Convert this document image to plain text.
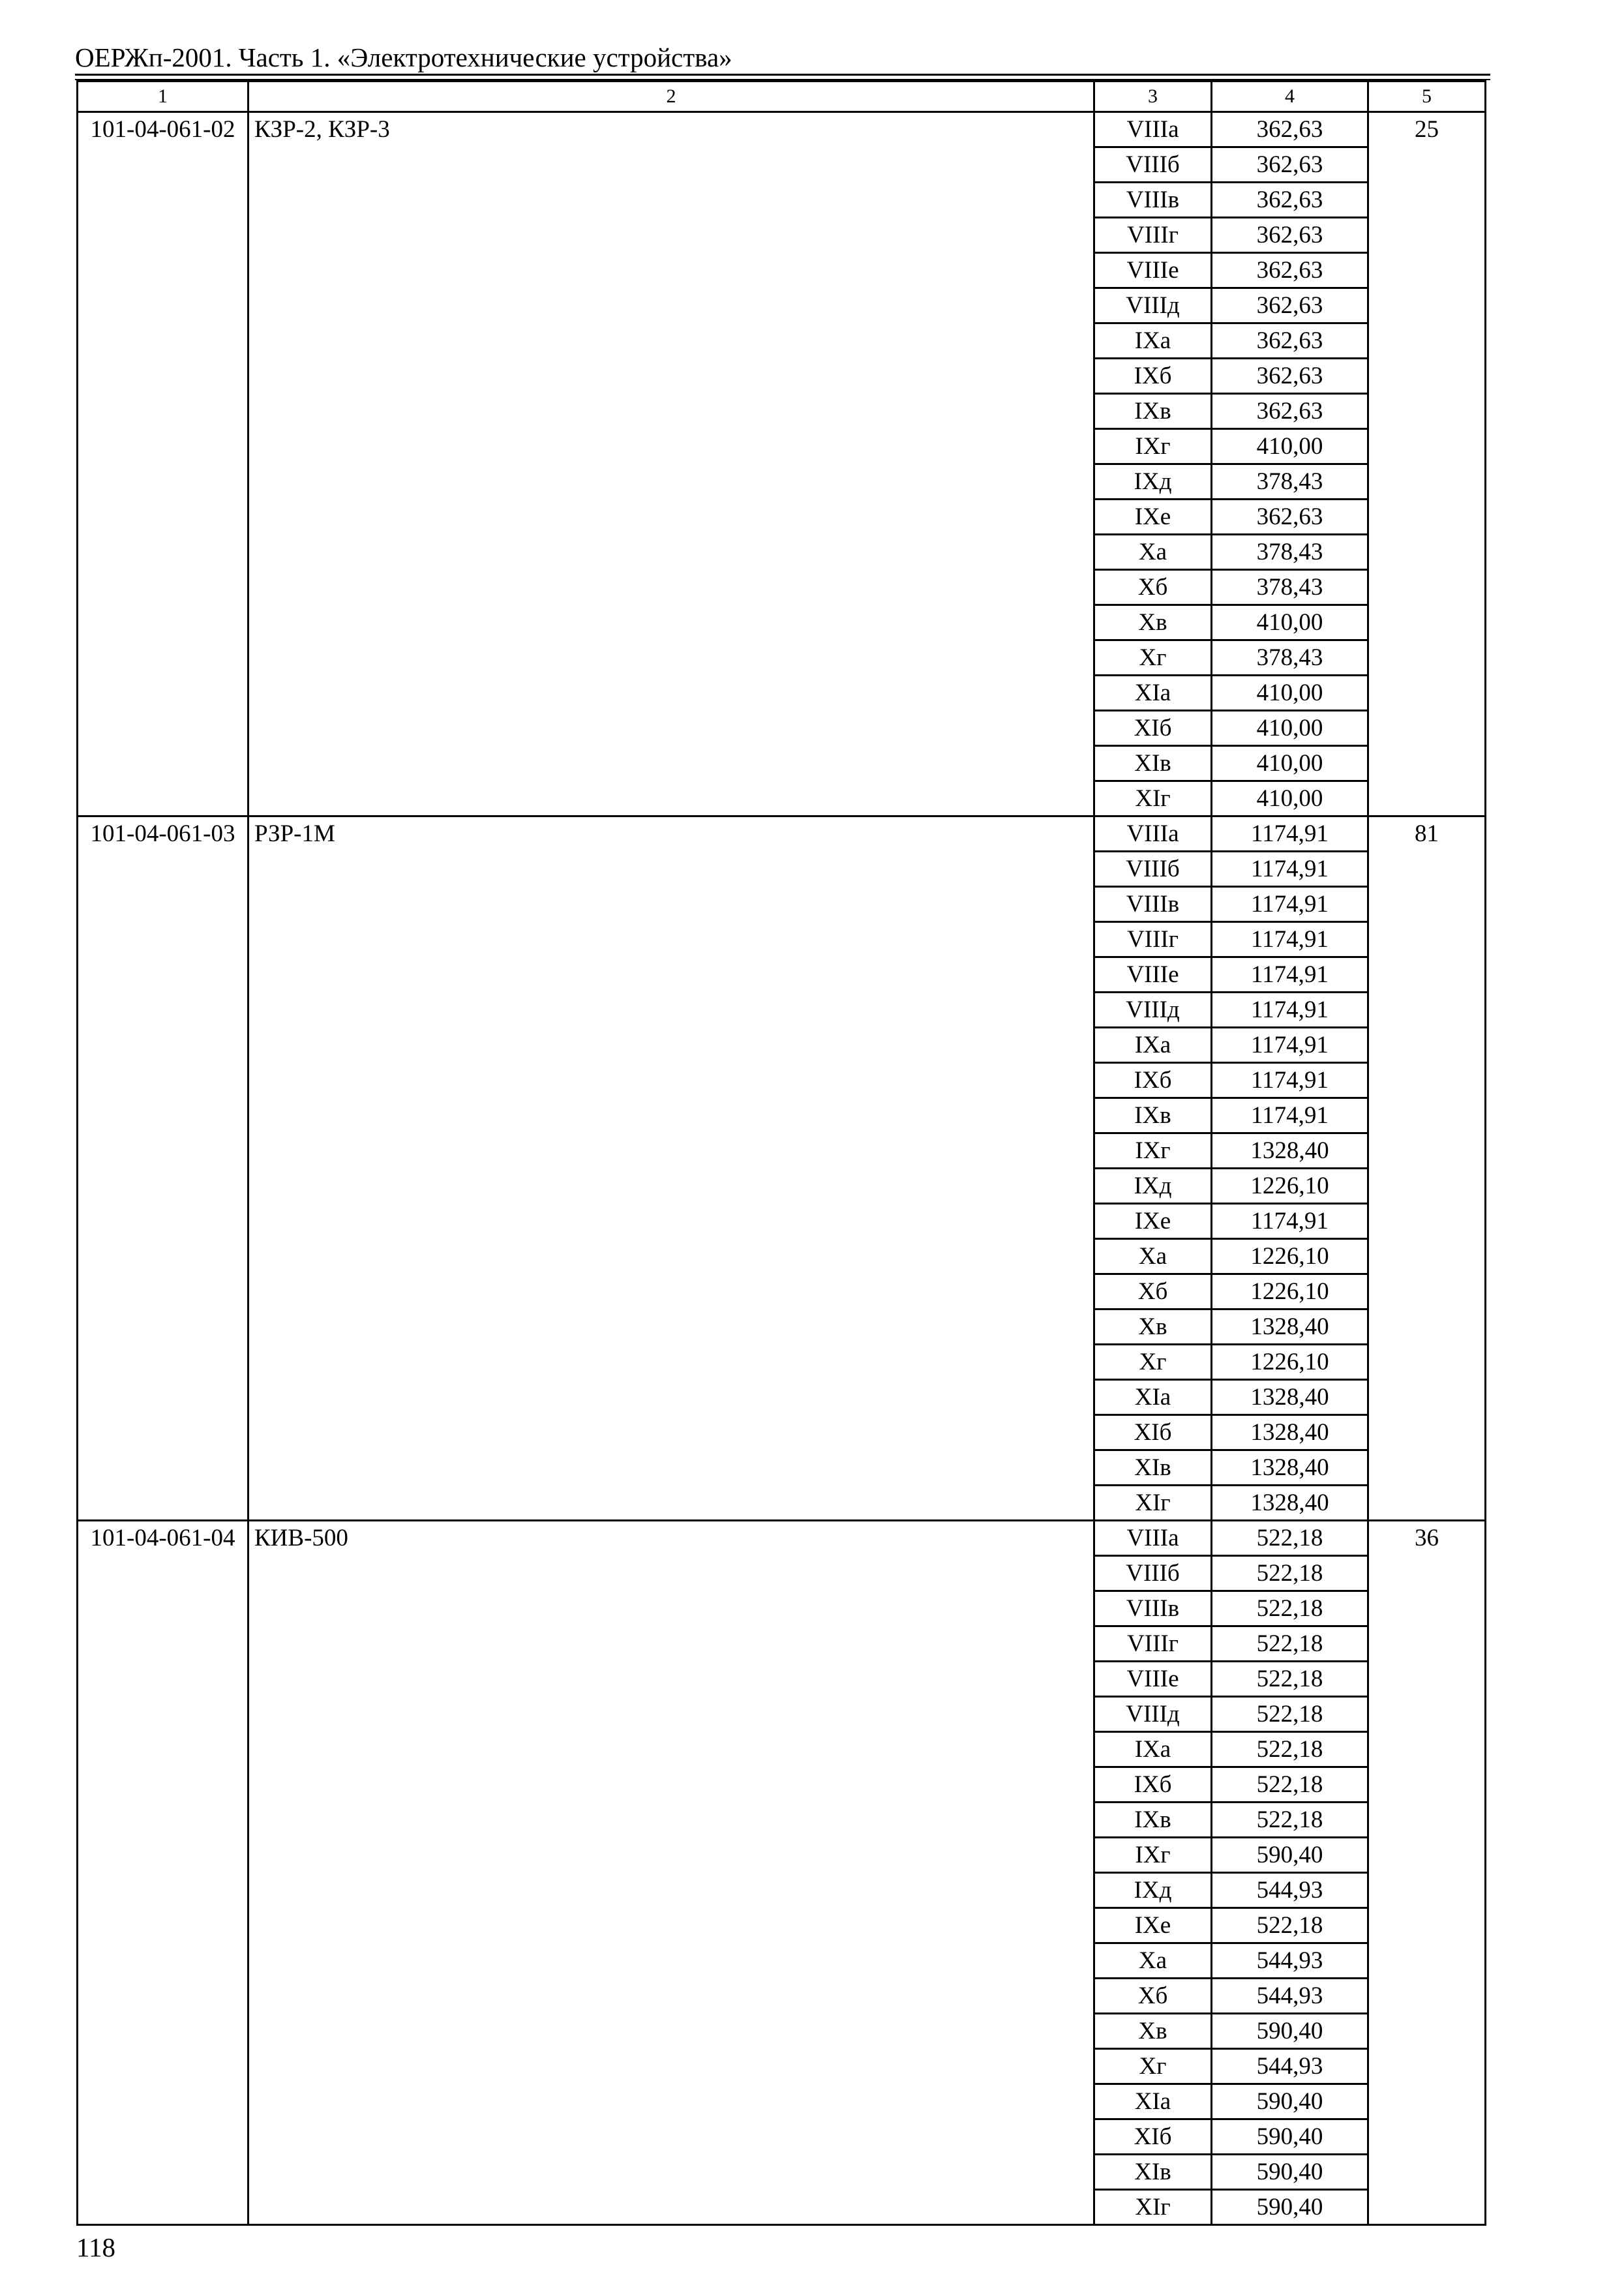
ОЕРЖп-2001. Часть 1. «Электротехнические устройства»
1	2	3	4	5
101-04-061-02	КЗР-2, КЗР-3	VIIIа	362,63	25
		VIIIб	362,63	
		VIIIв	362,63	
		VIIIг	362,63	
		VIIIе	362,63	
		VIIIд	362,63	
		IXа	362,63	
		IXб	362,63	
		IXв	362,63	
		IXг	410,00	
		IXд	378,43	
		IXе	362,63	
		Xа	378,43	
		Xб	378,43	
		Xв	410,00	
		Xг	378,43	
		XIа	410,00	
		XIб	410,00	
		XIв	410,00	
		XIг	410,00	
101-04-061-03	РЗР-1М	VIIIа	1174,91	81
		VIIIб	1174,91	
		VIIIв	1174,91	
		VIIIг	1174,91	
		VIIIе	1174,91	
		VIIIд	1174,91	
		IXа	1174,91	
		IXб	1174,91	
		IXв	1174,91	
		IXг	1328,40	
		IXд	1226,10	
		IXе	1174,91	
		Xа	1226,10	
		Xб	1226,10	
		Xв	1328,40	
		Xг	1226,10	
		XIа	1328,40	
		XIб	1328,40	
		XIв	1328,40	
		XIг	1328,40	
101-04-061-04	КИВ-500	VIIIа	522,18	36
		VIIIб	522,18	
		VIIIв	522,18	
		VIIIг	522,18	
		VIIIе	522,18	
		VIIIд	522,18	
		IXа	522,18	
		IXб	522,18	
		IXв	522,18	
		IXг	590,40	
		IXд	544,93	
		IXе	522,18	
		Xа	544,93	
		Xб	544,93	
		Xв	590,40	
		Xг	544,93	
		XIа	590,40	
		XIб	590,40	
		XIв	590,40	
		XIг	590,40	
118
